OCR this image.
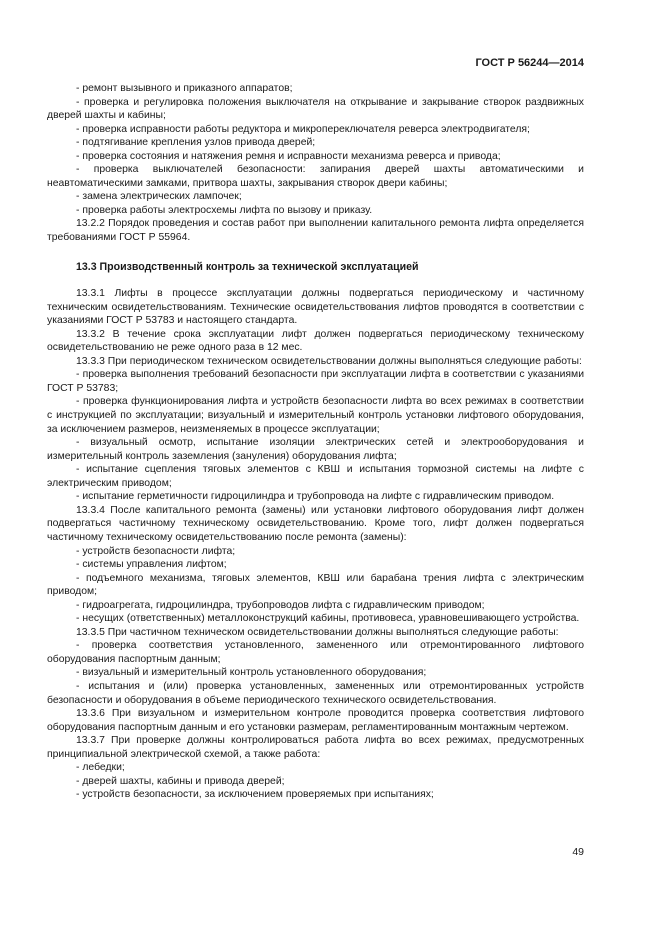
ГОСТ Р 56244—2014

- ремонт вызывного и приказного аппаратов;

- проверка и регулировка положения выключателя на открывание и закрывание створок раздвижных дверей шахты и кабины;

- проверка исправности работы редуктора и микропереключателя реверса электродвигателя;

- подтягивание крепления узлов привода дверей;

- проверка состояния и натяжения ремня и исправности механизма реверса и привода;

- проверка выключателей безопасности: запирания дверей шахты автоматическими и неавтоматическими замками, притвора шахты, закрывания створок двери кабины;

- замена электрических лампочек;

- проверка работы электросхемы лифта по вызову и приказу.

13.2.2 Порядок проведения и состав работ при выполнении капитального ремонта лифта определяется требованиями ГОСТ Р 55964.

13.3 Производственный контроль за технической эксплуатацией

13.3.1 Лифты в процессе эксплуатации должны подвергаться периодическому и частичному техническим освидетельствованиям. Технические освидетельствования лифтов проводятся в соответствии с указаниями ГОСТ Р 53783 и настоящего стандарта.

13.3.2 В течение срока эксплуатации лифт должен подвергаться периодическому техническому освидетельствованию не реже одного раза в 12 мес.

13.3.3 При периодическом техническом освидетельствовании должны выполняться следующие работы:

- проверка выполнения требований безопасности при эксплуатации лифта в соответствии с указаниями ГОСТ Р 53783;

- проверка функционирования лифта и устройств безопасности лифта во всех режимах в соответствии с инструкцией по эксплуатации; визуальный и измерительный контроль установки лифтового оборудования, за исключением размеров, неизменяемых в процессе эксплуатации;

- визуальный осмотр, испытание изоляции электрических сетей и электрооборудования и измерительный контроль заземления (зануления) оборудования лифта;

- испытание сцепления тяговых элементов с КВШ и испытания тормозной системы на лифте с электрическим приводом;

- испытание герметичности гидроцилиндра и трубопровода на лифте с гидравлическим приводом.

13.3.4 После капитального ремонта (замены) или установки лифтового оборудования лифт должен подвергаться частичному техническому освидетельствованию. Кроме того, лифт должен подвергаться частичному техническому освидетельствованию после ремонта (замены):

- устройств безопасности лифта;

- системы управления лифтом;

- подъемного механизма, тяговых элементов, КВШ или барабана трения лифта с электрическим приводом;

- гидроагрегата, гидроцилиндра, трубопроводов лифта с гидравлическим приводом;

- несущих (ответственных) металлоконструкций кабины, противовеса, уравновешивающего устройства.

13.3.5 При частичном техническом освидетельствовании должны выполняться следующие работы:

- проверка соответствия установленного, замененного или отремонтированного лифтового оборудования паспортным данным;

- визуальный и измерительный контроль установленного оборудования;

- испытания и (или) проверка установленных, замененных или отремонтированных устройств безопасности и оборудования в объеме периодического технического освидетельствования.

13.3.6 При визуальном и измерительном контроле проводится проверка соответствия лифтового оборудования паспортным данным и его установки размерам, регламентированным монтажным чертежом.

13.3.7 При проверке должны контролироваться работа лифта во всех режимах, предусмотренных принципиальной электрической схемой, а также работа:

- лебедки;

- дверей шахты, кабины и привода дверей;

- устройств безопасности, за исключением проверяемых при испытаниях;

49
